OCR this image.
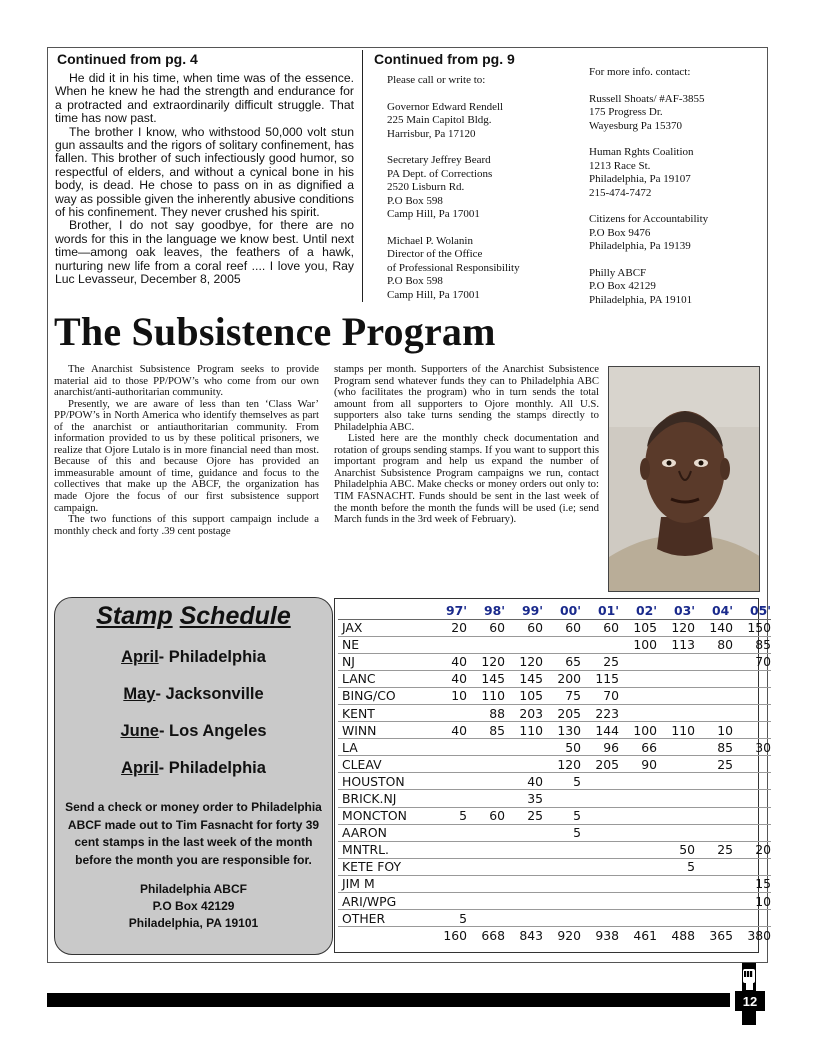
Continued from pg. 4

He did it in his time, when time was of the essence. When he knew he had the strength and endurance for a protracted and extraordinarily difficult struggle. That time has now past.

The brother I know, who withstood 50,000 volt stun gun assaults and the rigors of solitary confinement, has fallen. This brother of such infectiously good humor, so respectful of elders, and without a cynical bone in his body, is dead. He chose to pass on in as dignified a way as possible given the inherently abusive conditions of his confinement. They never crushed his spirit.

Brother, I do not say goodbye, for there are no words for this in the language we know best. Until next time—among oak leaves, the feathers of a hawk, nurturing new life from a coral reef .... I love you, Ray Luc Levasseur, December 8, 2005

Continued from pg. 9
Please call or write to:
Governor Edward Rendell
225 Main Capitol Bldg.
Harrisbur, Pa 17120
Secretary Jeffrey Beard
PA Dept. of Corrections
2520 Lisburn Rd.
P.O Box 598
Camp Hill, Pa 17001
Michael P. Wolanin
Director of the Office
of Professional Responsibility
P.O Box 598
Camp Hill, Pa 17001
For more info. contact:
Russell Shoats/ #AF-3855
175 Progress Dr.
Wayesburg Pa 15370
Human Rghts Coalition
1213 Race St.
Philadelphia, Pa 19107
215-474-7472
Citizens for Accountability
P.O Box 9476
Philadelphia, Pa 19139
Philly ABCF
P.O Box 42129
Philadelphia, PA 19101
The Subsistence Program

The Anarchist Subsistence Program seeks to provide material aid to those PP/POW’s who come from our own anarchist/anti-authoritarian community.

Presently, we are aware of less than ten ‘Class War’ PP/POW’s in North America who identify themselves as part of the anarchist or antiauthoritarian community. From information provided to us by these political prisoners, we realize that Ojore Lutalo is in more financial need than most. Because of this and because Ojore has provided an immeasurable amount of time, guidance and focus to the collectives that make up the ABCF, the organization has made Ojore the focus of our first subsistence support campaign.

The two functions of this support campaign include a monthly check and forty .39 cent postage

stamps per month. Supporters of the Anarchist Subsistence Program send whatever funds they can to Philadelphia ABC (who facilitates the program) who in turn sends the total amount from all supporters to Ojore monthly. All U.S. supporters also take turns sending the stamps directly to Philadelphia ABC.

Listed here are the monthly check documentation and rotation of groups sending stamps. If you want to support this important program and help us expand the number of Anarchist Subsistence Program campaigns we run, contact Philadelphia ABC. Make checks or money orders out only to: TIM FASNACHT. Funds should be sent in the last week of the month before the month the funds will be used (i.e; send March funds in the 3rd week of February).

Stamp Schedule
April- Philadelphia
May- Jacksonville
June- Los Angeles
April- Philadelphia
Send a check or money order to Philadelphia ABCF made out to Tim Fasnacht for forty 39 cent stamps in the last week of the month before the month you are responsible for.
Philadelphia ABCF
P.O Box 42129
Philadelphia, PA 19101
	97'	98'	99'	00'	01'	02'	03'	04'	05'
JAX	20	60	60	60	60	105	120	140	150
NE						100	113	80	85
NJ	40	120	120	65	25				70
LANC	40	145	145	200	115				
BING/CO	10	110	105	75	70				
KENT		88	203	205	223				
WINN	40	85	110	130	144	100	110	10	
LA				50	96	66		85	30
CLEAV				120	205	90		25	
HOUSTON			40	5					
BRICK.NJ			35						
MONCTON	5	60	25	5					
AARON				5					
MNTRL.							50	25	20
KETE FOY							5		
JIM M									15
ARI/WPG									10
OTHER	5								
	160	668	843	920	938	461	488	365	380
12
